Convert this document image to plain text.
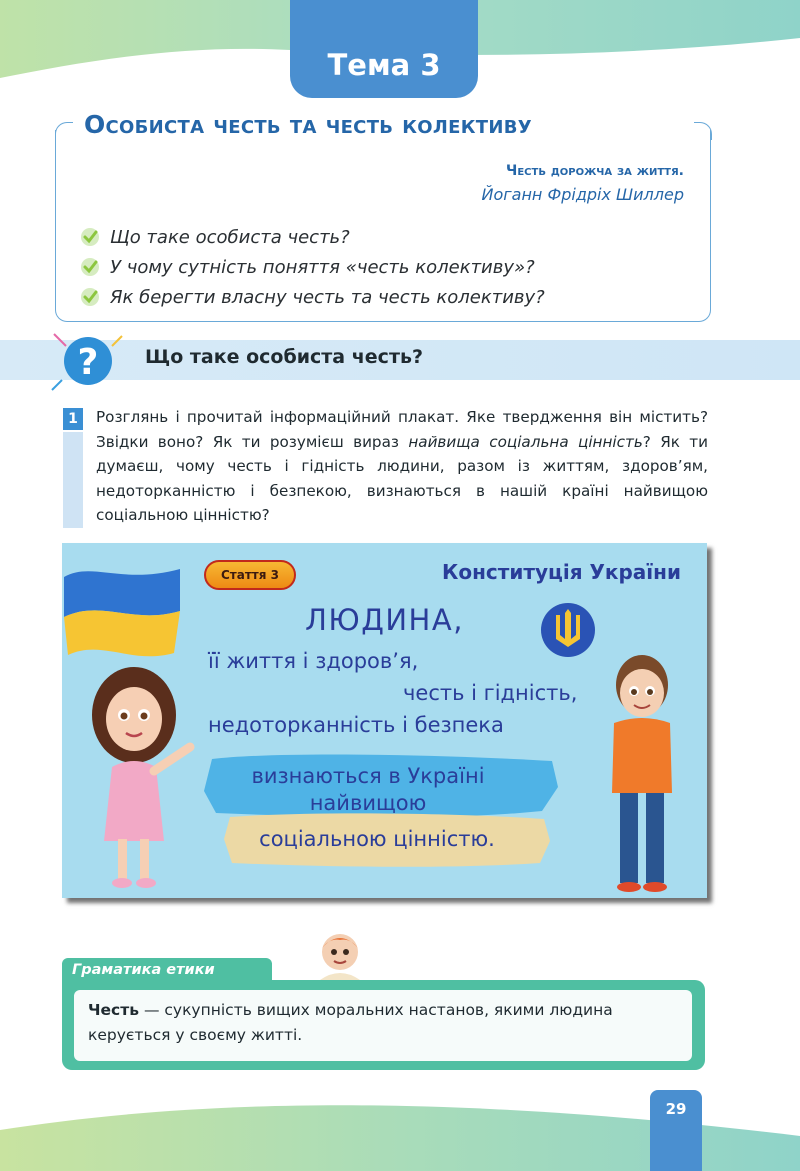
Тема 3
Особиста честь та честь колективу
Честь дорожча за життя.
Йоганн Фрідріх Шиллер
Що таке особиста честь?
У чому сутність поняття «честь колективу»?
Як берегти власну честь та честь колективу?
? Що таке особиста честь?
1	Розглянь і прочитай інформаційний плакат. Яке твердження він містить? Звідки воно? Як ти розумієш вираз найвища соціальна цінність? Як ти думаєш, чому честь і гідність людини, разом із життям, здоров’ям, недоторканністю і безпекою, визнаються в нашій країні найвищою соціальною цінністю?
Стаття 3	Конституція України
ЛЮДИНА,
її життя і здоров’я,
честь і гідність,
недоторканність і безпека
визнаються в Україні
найвищою
соціальною цінністю.
Граматика етики
Честь — сукупність вищих моральних настанов, якими людина керується у своєму житті.
29
